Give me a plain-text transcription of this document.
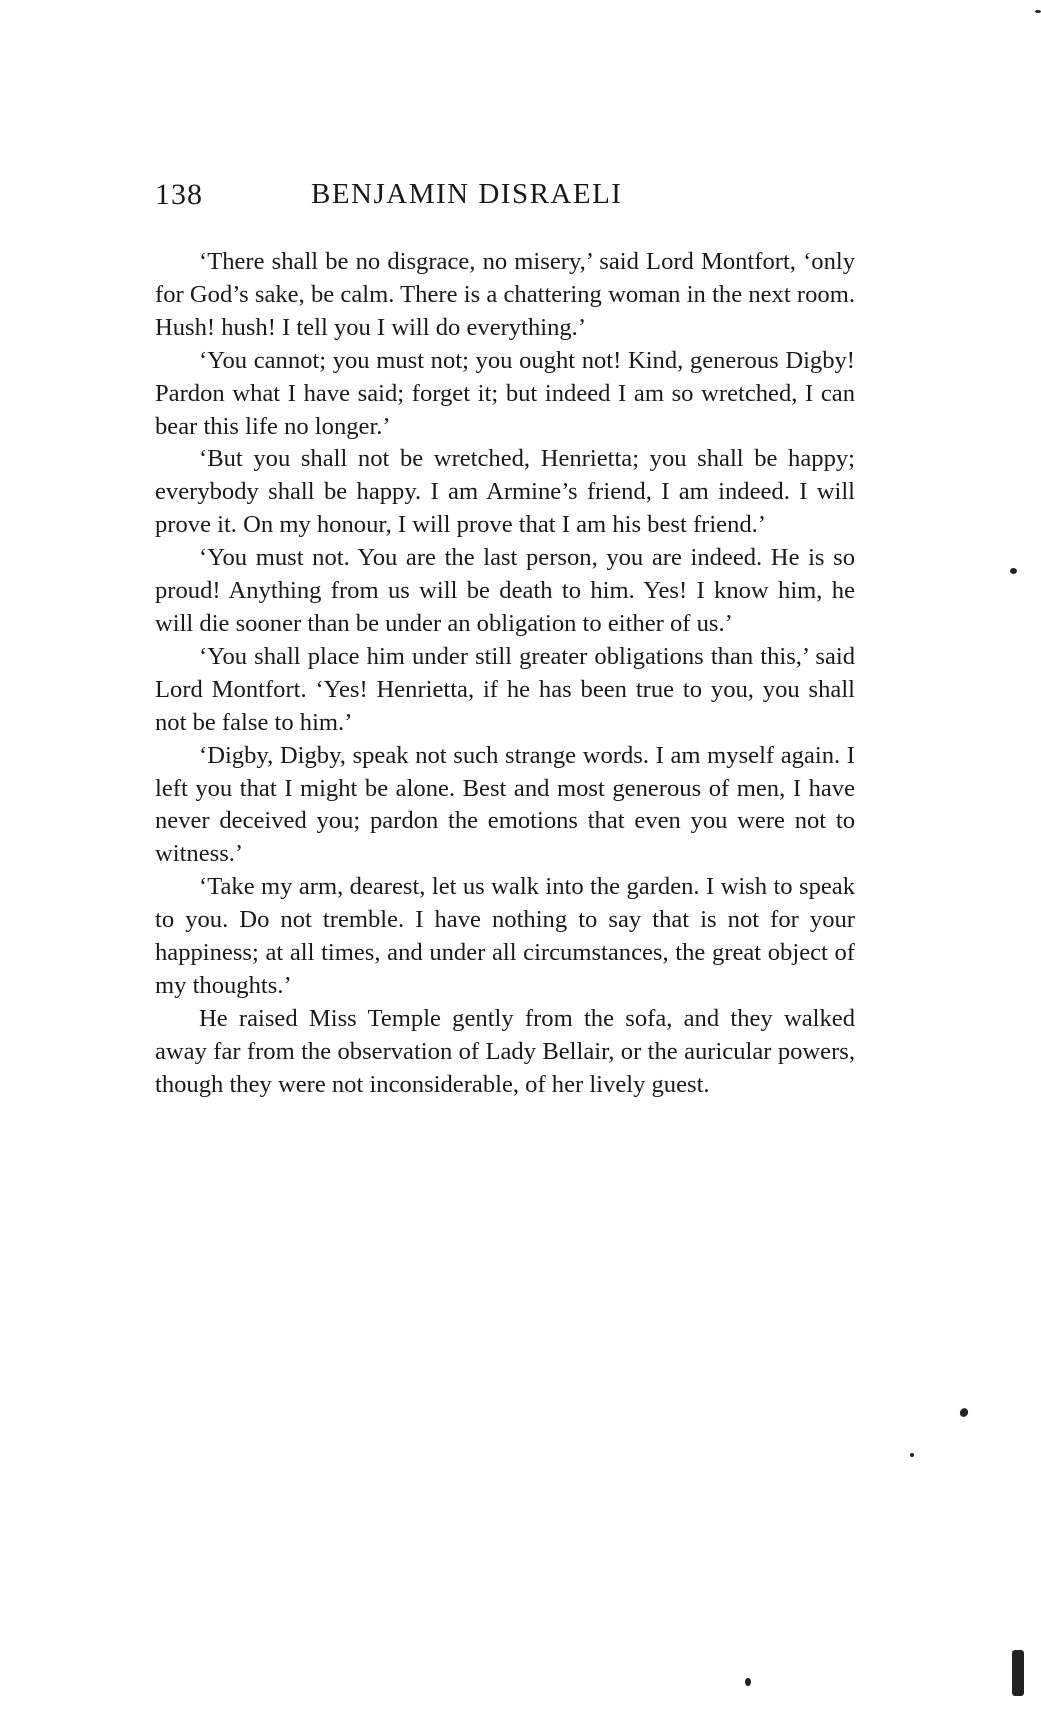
138	BENJAMIN DISRAELI

‘There shall be no disgrace, no misery,’ said Lord Montfort, ‘only for God’s sake, be calm. There is a chattering woman in the next room. Hush! hush! I tell you I will do everything.’

‘You cannot; you must not; you ought not! Kind, generous Digby! Pardon what I have said; forget it; but indeed I am so wretched, I can bear this life no longer.’

‘But you shall not be wretched, Henrietta; you shall be happy; everybody shall be happy. I am Armine’s friend, I am indeed. I will prove it. On my honour, I will prove that I am his best friend.’

‘You must not. You are the last person, you are indeed. He is so proud! Anything from us will be death to him. Yes! I know him, he will die sooner than be under an obligation to either of us.’

‘You shall place him under still greater obligations than this,’ said Lord Montfort. ‘Yes! Henrietta, if he has been true to you, you shall not be false to him.’

‘Digby, Digby, speak not such strange words. I am myself again. I left you that I might be alone. Best and most generous of men, I have never deceived you; pardon the emotions that even you were not to witness.’

‘Take my arm, dearest, let us walk into the garden. I wish to speak to you. Do not tremble. I have nothing to say that is not for your happiness; at all times, and under all circumstances, the great object of my thoughts.’

He raised Miss Temple gently from the sofa, and they walked away far from the observation of Lady Bellair, or the auricular powers, though they were not inconsiderable, of her lively guest.
